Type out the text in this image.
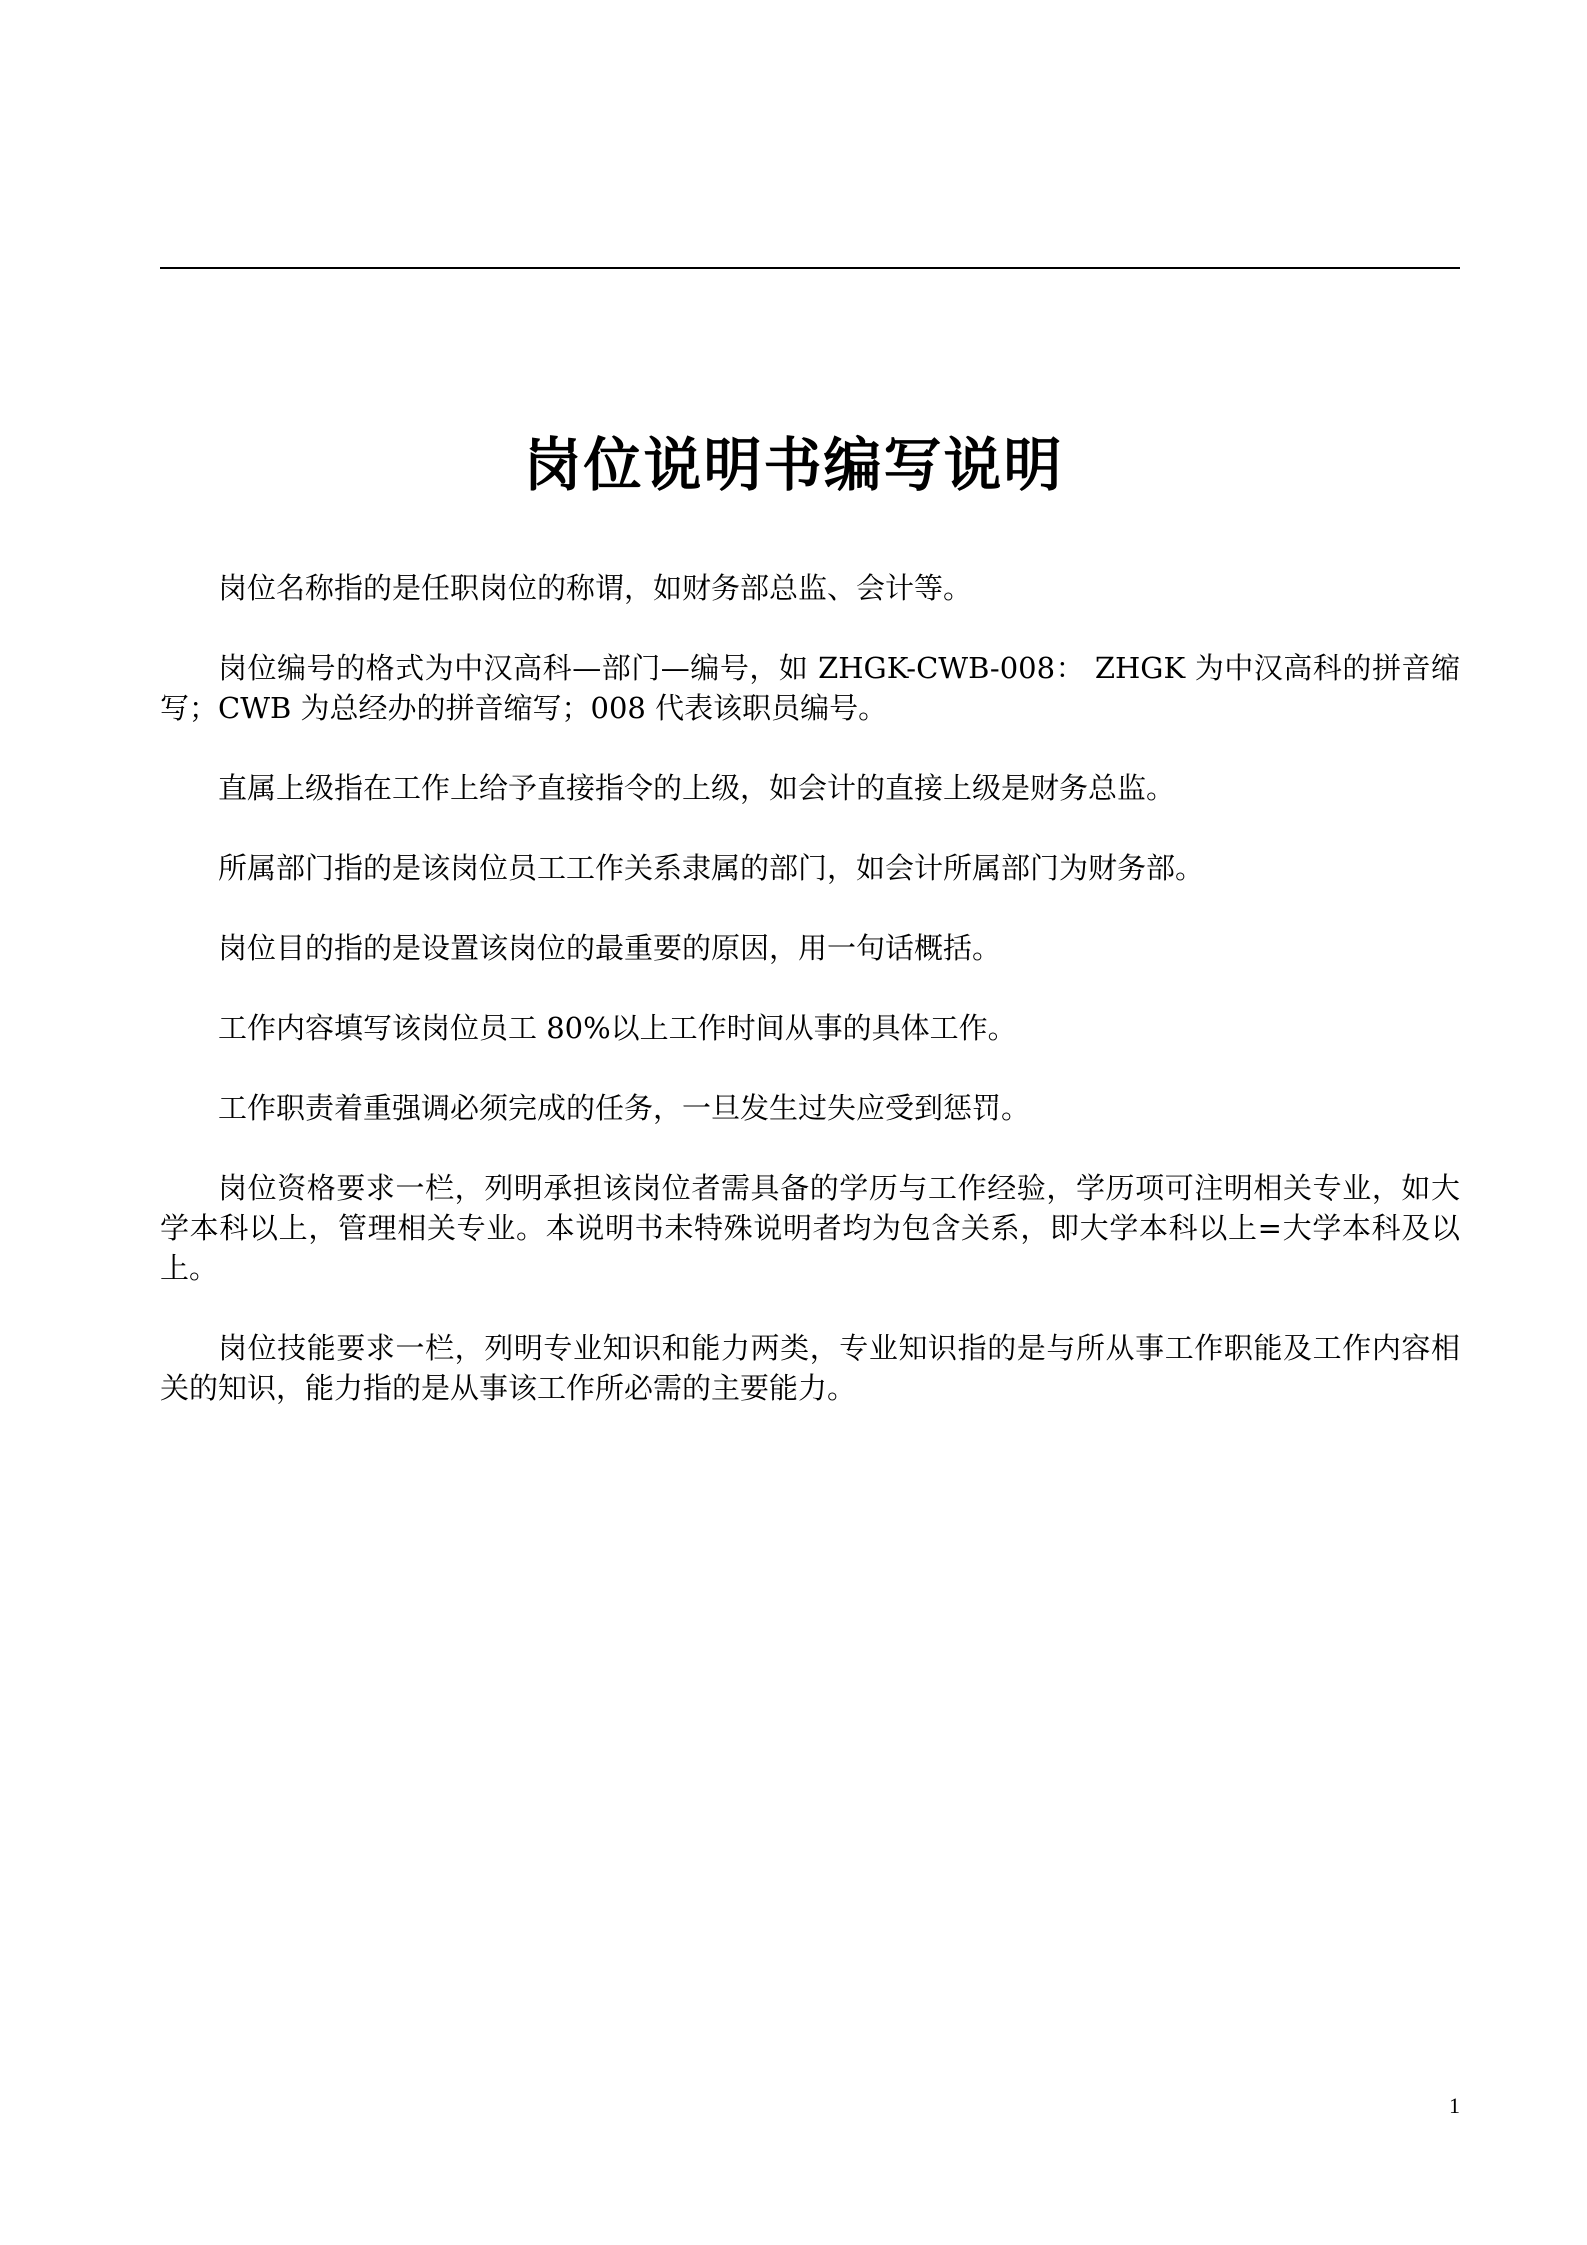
岗位说明书编写说明

岗位名称指的是任职岗位的称谓，如财务部总监、会计等。

岗位编号的格式为中汉高科—部门—编号，如 ZHGK-CWB-008： ZHGK 为中汉高科的拼音缩写；CWB 为总经办的拼音缩写；008 代表该职员编号。

直属上级指在工作上给予直接指令的上级，如会计的直接上级是财务总监。

所属部门指的是该岗位员工工作关系隶属的部门，如会计所属部门为财务部。

岗位目的指的是设置该岗位的最重要的原因，用一句话概括。

工作内容填写该岗位员工 80%以上工作时间从事的具体工作。

工作职责着重强调必须完成的任务，一旦发生过失应受到惩罚。

岗位资格要求一栏，列明承担该岗位者需具备的学历与工作经验，学历项可注明相关专业，如大学本科以上，管理相关专业。本说明书未特殊说明者均为包含关系，即大学本科以上=大学本科及以上。

岗位技能要求一栏，列明专业知识和能力两类，专业知识指的是与所从事工作职能及工作内容相关的知识，能力指的是从事该工作所必需的主要能力。

1
